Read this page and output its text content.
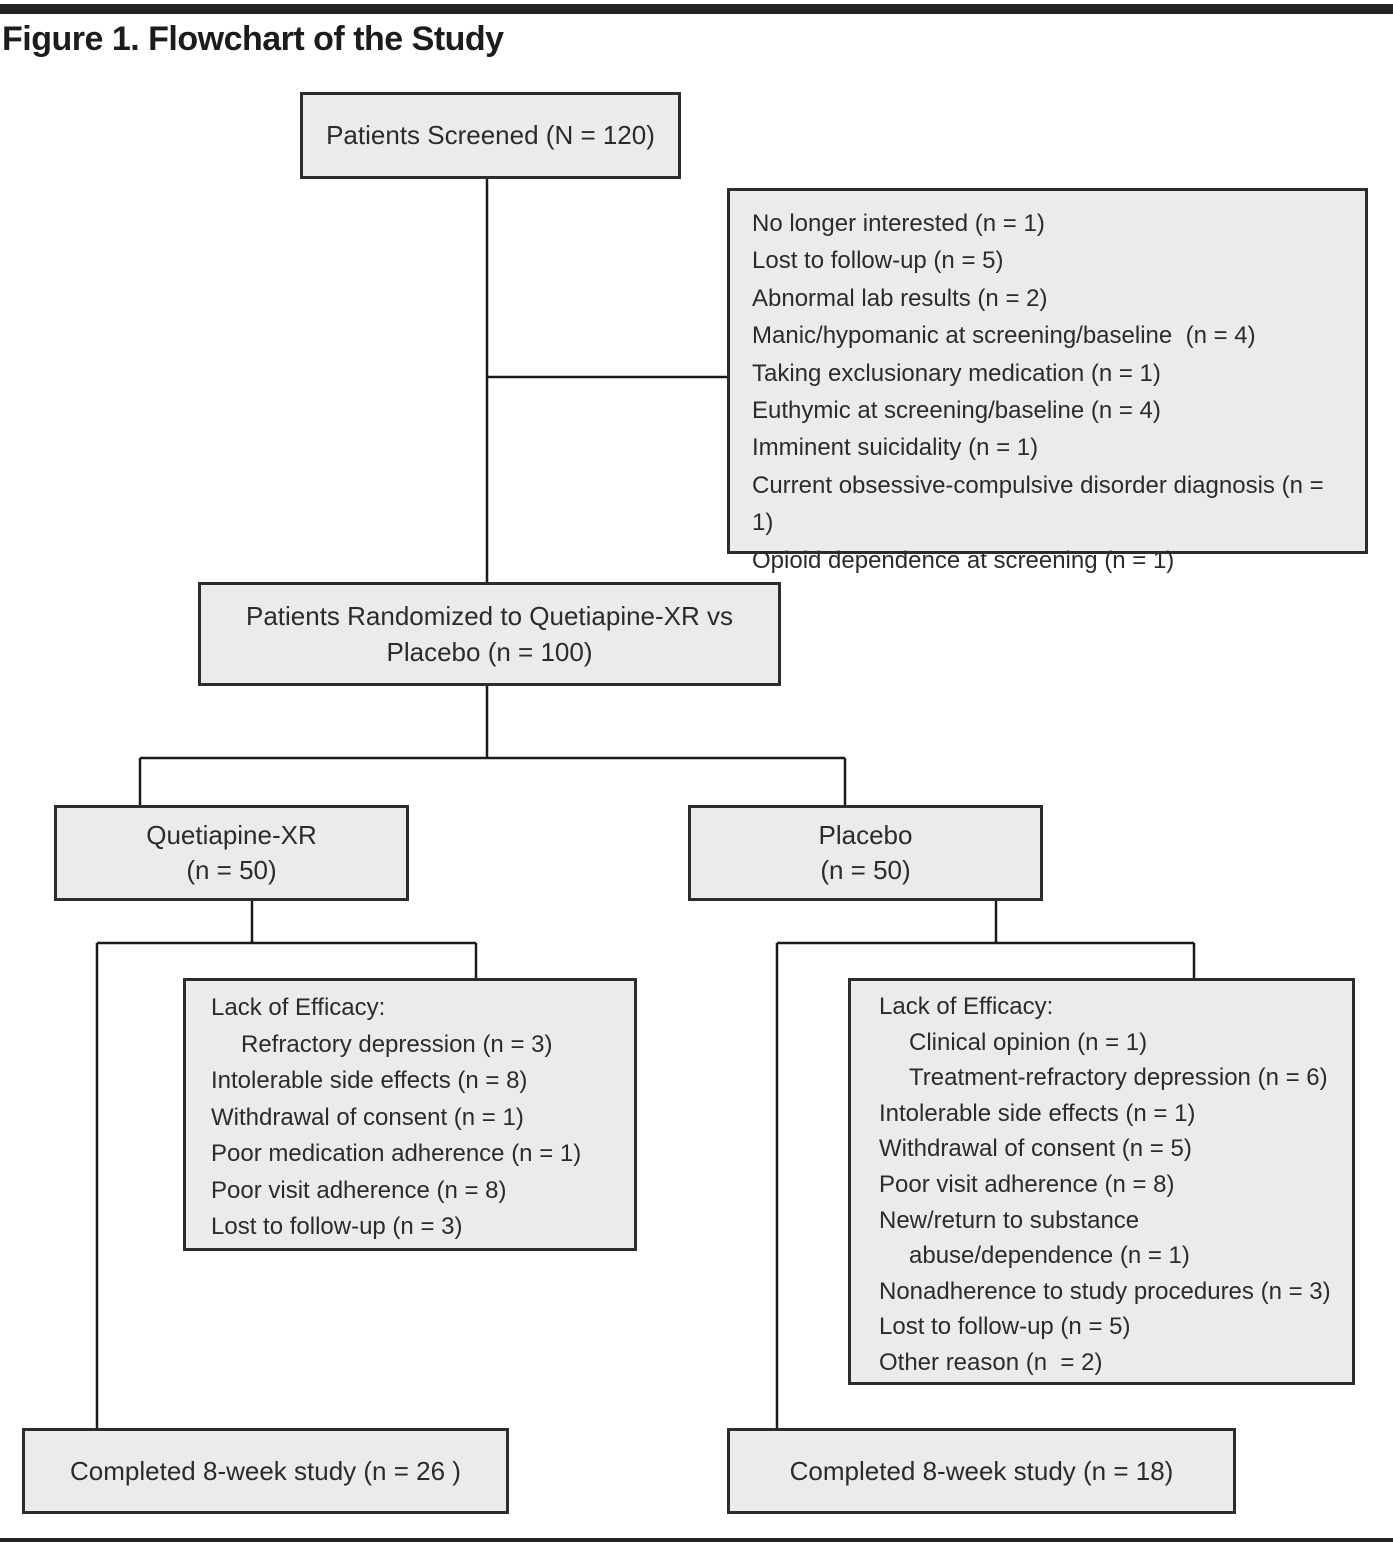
Figure 1. Flowchart of the Study
Patients Screened (N = 120)
No longer interested (n = 1)
Lost to follow-up (n = 5)
Abnormal lab results (n = 2)
Manic/hypomanic at screening/baseline  (n = 4)
Taking exclusionary medication (n = 1)
Euthymic at screening/baseline (n = 4)
Imminent suicidality (n = 1)
Current obsessive-compulsive disorder diagnosis (n = 1)
Opioid dependence at screening (n = 1)
Patients Randomized to Quetiapine-XR vs
Placebo (n = 100)
Quetiapine-XR
(n = 50)
Placebo
(n = 50)
Lack of Efficacy:
Refractory depression (n = 3)
Intolerable side effects (n = 8)
Withdrawal of consent (n = 1)
Poor medication adherence (n = 1)
Poor visit adherence (n = 8)
Lost to follow-up (n = 3)
Lack of Efficacy:
Clinical opinion (n = 1)
Treatment-refractory depression (n = 6)
Intolerable side effects (n = 1)
Withdrawal of consent (n = 5)
Poor visit adherence (n = 8)
New/return to substance
abuse/dependence (n = 1)
Nonadherence to study procedures (n = 3)
Lost to follow-up (n = 5)
Other reason (n  = 2)
Completed 8-week study (n = 26 )	Completed 8-week study (n = 18)
